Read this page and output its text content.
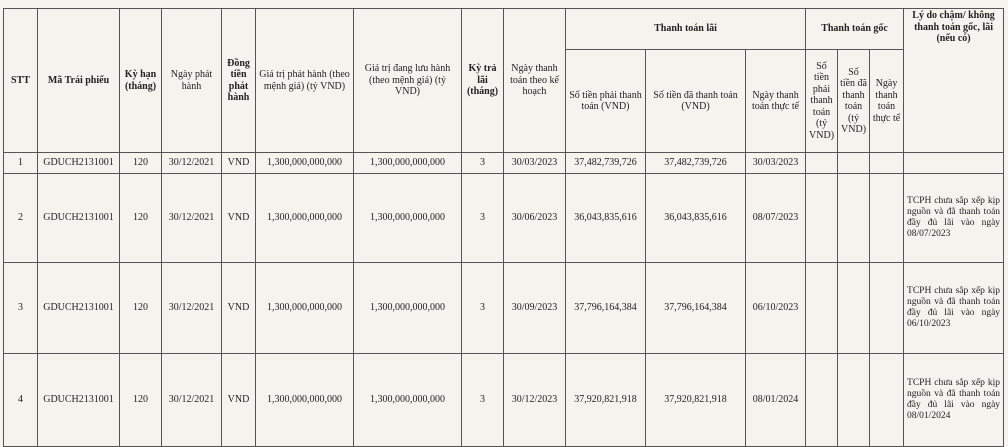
STT	Mã Trái phiếu	Kỳ hạn (tháng)	Ngày phát hành	Đồng tiền phát hành	Giá trị phát hành (theo mệnh giá) (tỷ VND)	Giá trị đang lưu hành (theo mệnh giá) (tỷ VND)	Kỳ trả lãi (tháng)	Ngày thanh toán theo kế hoạch	Thanh toán lãi			Thanh toán gốc			Lý do chậm/ không thanh toán gốc, lãi (nếu có)
									Số tiền phải thanh toán (VND)	Số tiền đã thanh toán (VND)	Ngày thanh toán thực tế	Số tiền phải thanh toán (tỷ VND)	Số tiền đã thanh toán (tỷ VND)	Ngày thanh toán thực tế	
1	GDUCH2131001	120	30/12/2021	VND	1,300,000,000,000	1,300,000,000,000	3	30/03/2023	37,482,739,726	37,482,739,726	30/03/2023				
2	GDUCH2131001	120	30/12/2021	VND	1,300,000,000,000	1,300,000,000,000	3	30/06/2023	36,043,835,616	36,043,835,616	08/07/2023				TCPH chưa sắp xếp kịp nguồn và đã thanh toán đầy đủ lãi vào ngày 08/07/2023
3	GDUCH2131001	120	30/12/2021	VND	1,300,000,000,000	1,300,000,000,000	3	30/09/2023	37,796,164,384	37,796,164,384	06/10/2023				TCPH chưa sắp xếp kịp nguồn và đã thanh toán đầy đủ lãi vào ngày 06/10/2023
4	GDUCH2131001	120	30/12/2021	VND	1,300,000,000,000	1,300,000,000,000	3	30/12/2023	37,920,821,918	37,920,821,918	08/01/2024				TCPH chưa sắp xếp kịp nguồn và đã thanh toán đầy đủ lãi vào ngày 08/01/2024
